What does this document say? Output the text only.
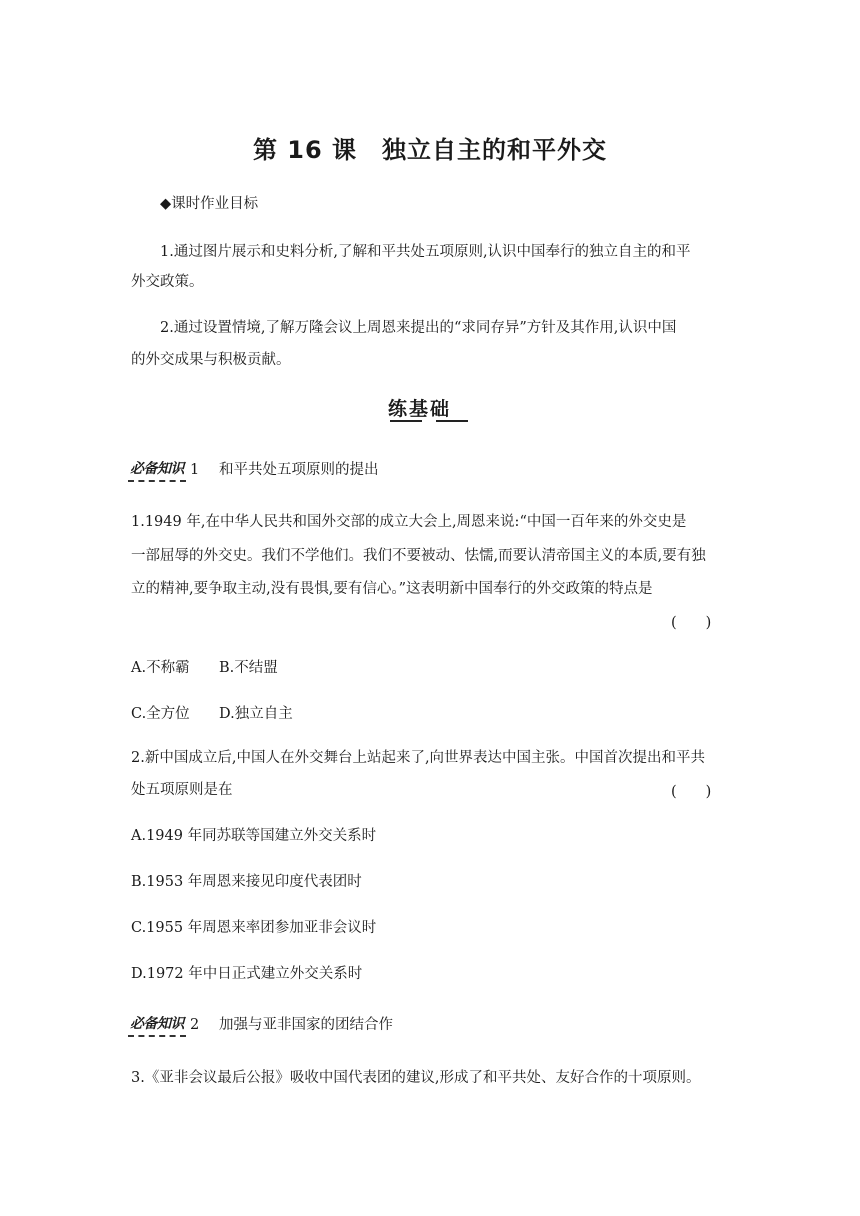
第 16 课　独立自主的和平外交
◆课时作业目标
1.通过图片展示和史料分析,了解和平共处五项原则,认识中国奉行的独立自主的和平
外交政策。
2.通过设置情境,了解万隆会议上周恩来提出的“求同存异”方针及其作用,认识中国
的外交成果与积极贡献。
练基础
必备知识 1 和平共处五项原则的提出
1.1949 年,在中华人民共和国外交部的成立大会上,周恩来说:“中国一百年来的外交史是
一部屈辱的外交史。我们不学他们。我们不要被动、怯懦,而要认清帝国主义的本质,要有独
立的精神,要争取主动,没有畏惧,要有信心。”这表明新中国奉行的外交政策的特点是
(　　)
A.不称霸 B.不结盟
C.全方位 D.独立自主
2.新中国成立后,中国人在外交舞台上站起来了,向世界表达中国主张。中国首次提出和平共
处五项原则是在	(　　)
A.1949 年同苏联等国建立外交关系时
B.1953 年周恩来接见印度代表团时
C.1955 年周恩来率团参加亚非会议时
D.1972 年中日正式建立外交关系时
必备知识 2 加强与亚非国家的团结合作
3.《亚非会议最后公报》吸收中国代表团的建议,形成了和平共处、友好合作的十项原则。
